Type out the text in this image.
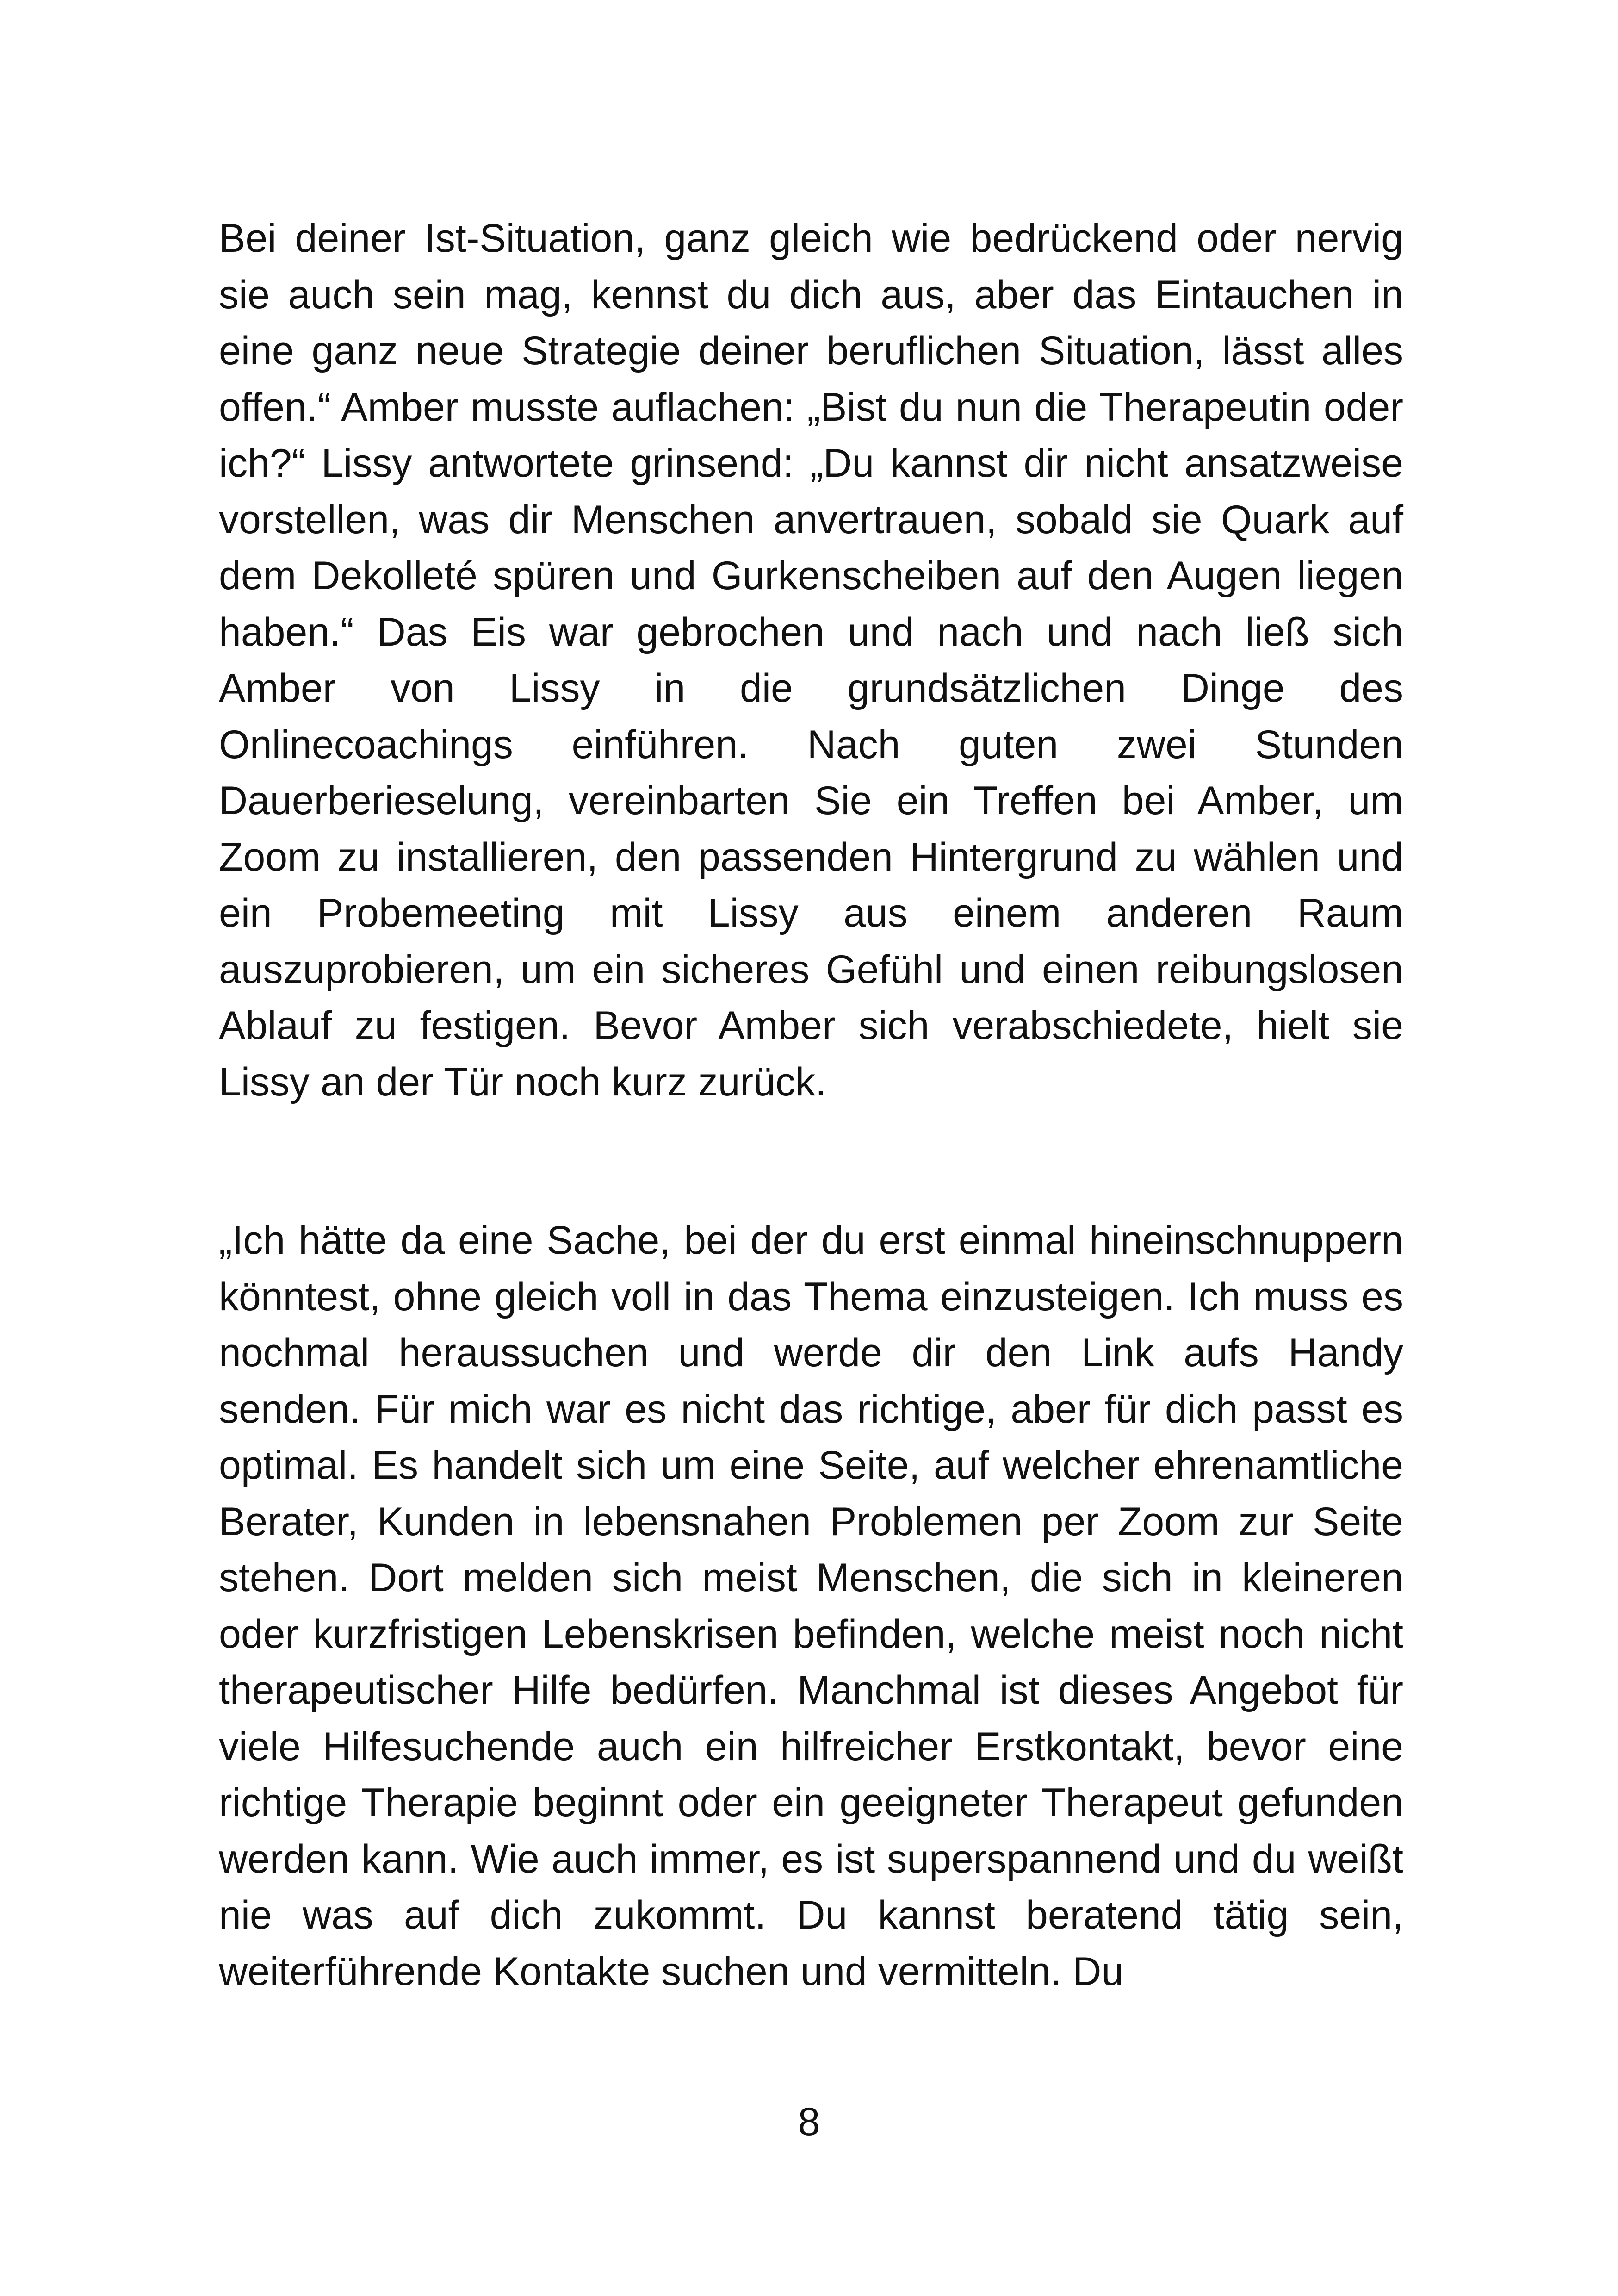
Bei deiner Ist-Situation, ganz gleich wie bedrückend oder nervig sie auch sein mag, kennst du dich aus, aber das Eintauchen in eine ganz neue Strategie deiner beruflichen Situation, lässt alles offen.“ Amber musste auflachen: „Bist du nun die Therapeutin oder ich?“ Lissy antwortete grinsend: „Du kannst dir nicht ansatzweise vorstellen, was dir Menschen anvertrauen, sobald sie Quark auf dem Dekolleté spüren und Gurkenscheiben auf den Augen liegen haben.“ Das Eis war gebrochen und nach und nach ließ sich Amber von Lissy in die grundsätzlichen Dinge des Onlinecoachings einführen. Nach guten zwei Stunden Dauerberieselung, vereinbarten Sie ein Treffen bei Amber, um Zoom zu installieren, den passenden Hintergrund zu wählen und ein Probemeeting mit Lissy aus einem anderen Raum auszuprobieren, um ein sicheres Gefühl und einen reibungslosen Ablauf zu festigen. Bevor Amber sich verabschiedete, hielt sie Lissy an der Tür noch kurz zurück.

„Ich hätte da eine Sache, bei der du erst einmal hineinschnuppern könntest, ohne gleich voll in das Thema einzusteigen. Ich muss es nochmal heraussuchen und werde dir den Link aufs Handy senden. Für mich war es nicht das richtige, aber für dich passt es optimal. Es handelt sich um eine Seite, auf welcher ehrenamtliche Berater, Kunden in lebensnahen Problemen per Zoom zur Seite stehen. Dort melden sich meist Menschen, die sich in kleineren oder kurzfristigen Lebenskrisen befinden, welche meist noch nicht therapeutischer Hilfe bedürfen. Manchmal ist dieses Angebot für viele Hilfesuchende auch ein hilfreicher Erstkontakt, bevor eine richtige Therapie beginnt oder ein geeigneter Therapeut gefunden werden kann. Wie auch immer, es ist superspannend und du weißt nie was auf dich zukommt. Du kannst beratend tätig sein, weiterführende Kontakte suchen und vermitteln. Du

8
